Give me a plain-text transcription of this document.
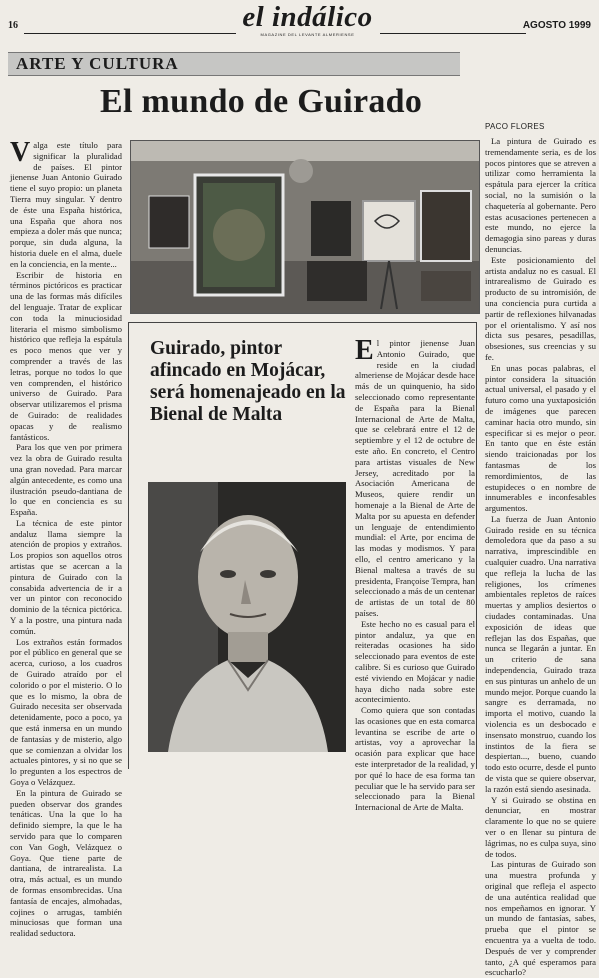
16	el indálico
MAGAZINE DEL LEVANTE ALMERIENSE
AGOSTO 1999
ARTE Y CULTURA
El mundo de Guirado
PACO FLORES
V alga este título para significar la pluralidad de países. El pintor jienense Juan Antonio Guirado tiene el suyo propio: un planeta Tierra muy singular. Y dentro de éste una España histórica, una España que ahora nos empieza a doler más que nunca; porque, sin duda alguna, la historia duele en el alma, duele en la conciencia, en la mente...

Escribir de historia en términos pictóricos es practicar una de las formas más difíciles del lenguaje. Tratar de explicar con toda la minuciosidad literaria el mismo simbolismo histórico que refleja la espátula es poco menos que ver y comprender a través de las letras, porque no todos lo que ven comprenden, el histórico universo de Guirado. Para observar utilizaremos el prisma de Guirado: de realidades opacas y de realismo fantásticos.

Para los que ven por primera vez la obra de Guirado resulta una gran novedad. Para marcar algún antecedente, es como una ilustración pseudo-dantiana de lo que en conciencia es su España.

La técnica de este pintor andaluz llama siempre la atención de propios y extraños. Los propios son aquellos otros artistas que se acercan a la pintura de Guirado con la consabida advertencia de ir a ver un pintor con reconocido dominio de la técnica pictórica. Y a la postre, una pintura nada común.

Los extraños están formados por el público en general que se acerca, curioso, a los cuadros de Guirado atraído por el colorido o por el misterio. O lo que es lo mismo, la obra de Guirado necesita ser observada detenidamente, poco a poco, ya que está inmersa en un mundo de fantasías y de misterio, algo que se comienzan a olvidar los actuales pintores, y si no que se lo pregunten a los espectros de Goya o Velázquez.

En la pintura de Guirado se pueden observar dos grandes tenáticas. Una la que lo ha definido siempre, la que le ha servido para que lo comparen con Van Gogh, Velázquez o Goya. Que tiene parte de dantiana, de intrarealista. La otra, más actual, es un mundo de formas ensombrecidas. Una fantasía de encajes, almohadas, cojines o arrugas, también minuciosas que forman una realidad seductora.

Guirado, pintor afincado en Mojácar, será homenajeado en la Bienal de Malta
E l pintor jienense Juan Antonio Guirado, que reside en la ciudad almeriense de Mojácar desde hace más de un quinquenio, ha sido seleccionado como representante de España para la Bienal Internacional de Arte de Malta, que se celebrará entre el 12 de septiembre y el 12 de octubre de este año. En concreto, el Centro para artistas visuales de New Jersey, acreditado por la Asociación Americana de Museos, quiere rendir un homenaje a la Bienal de Arte de Malta por su apuesta en defender un lenguaje de entendimiento mundial: el Arte, por encima de las modas y modismos. Y para ello, el centro americano y la Bienal maltesa a través de su presidenta, Françoise Tempra, han seleccionado a más de un centenar de artistas de un total de 80 países.

Este hecho no es casual para el pintor andaluz, ya que en reiteradas ocasiones ha sido seleccionado para eventos de este calibre. Si es curioso que Guirado esté viviendo en Mojácar y nadie haya dicho nada sobre este acontecimiento.

Como quiera que son contadas las ocasiones que en esta comarca levantina se escribe de arte o artistas, voy a aprovechar la ocasión para explicar que hace este interpretador de la realidad, y por qué lo hace de esa forma tan peculiar que le ha servido para ser seleccionado para la Bienal Internacional de Arte de Malta.

La pintura de Guirado es tremendamente seria, es de los pocos pintores que se atreven a utilizar como herramienta la espátula para ejercer la crítica social, no la sumisión o la chaquetería al gobernante. Pero estas acusaciones pertenecen a este mundo, no ejerce la demagogia sino pareas y duras denuncias.

Este posicionamiento del artista andaluz no es casual. El intrarealismo de Guirado es producto de su intromisión, de una conciencia pura curtida a partir de reflexiones hilvanadas por el orientalismo. Y así nos dicta sus pesares, pesadillas, obsesiones, sus creencias y su fe.

En unas pocas palabras, el pintor considera la situación actual universal, el pasado y el futuro como una yuxtaposición de imágenes que parecen caminar hacia otro mundo, sin especificar si es mejor o peor. En tanto que en éste están siendo traicionadas por los fantasmas de los remordimientos, de las estupideces o en nombre de innumerables e inconfesables argumentos.

La fuerza de Juan Antonio Guirado reside en su técnica demoledora que da paso a su narrativa, imprescindible en cualquier cuadro. Una narrativa que refleja la lucha de las religiones, los crímenes ambientales repletos de raíces muertas y amplios desiertos o ciudades contaminadas. Una exposición de ideas que reflejan las dos Españas, que nunca se llegarán a juntar. En un criterio de sana independencia, Guirado traza en sus pinturas un anhelo de un mundo mejor. Porque cuando la sangre es derramada, no importa el motivo, cuando la violencia es un desbocado e insensato monstruo, cuando los instintos de la fiera se despiertan..., bueno, cuando todo esto ocurre, desde el punto de vista que se quiere observar, la razón está siendo asesinada.

Y si Guirado se obstina en denunciar, en mostrar claramente lo que no se quiere ver o en llenar su pintura de lágrimas, no es culpa suya, sino de todos.

Las pinturas de Guirado son una muestra profunda y original que refleja el aspecto de una auténtica realidad que nos empeñamos en ignorar. Y un mundo de fantasías, sabes, prueba que el pintor se encuentra ya a vuelta de todo. Después de ver y comprender tanto, ¿A qué esperamos para escucharlo?
